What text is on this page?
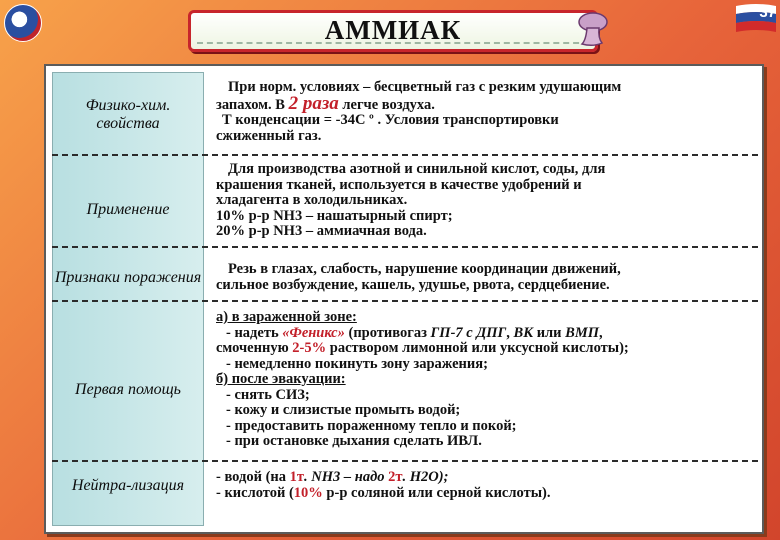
АММИАК
37
Физико-хим. свойства
Применение
Признаки поражения
Первая помощь
Нейтра-лизация

При норм. условиях – бесцветный газ с резким удушающим

запахом. В 2 раза легче воздуха.

Т конденсации = -34С º . Условия транспортировки

сжиженный газ.

Для производства азотной и синильной кислот, соды, для

крашения тканей, используется в качестве удобрений и

хладагента в холодильниках.

10% р-р NH3 – нашатырный спирт;

20% р-р NH3 – аммиачная вода.

Резь в глазах, слабость, нарушение координации движений,

сильное возбуждение, кашель, удушье, рвота, сердцебиение.

а) в зараженной зоне:

- надеть «Феникс» (противогаз ГП-7 с ДПГ, ВК или ВМП,

смоченную 2-5% раствором лимонной или уксусной кислоты);

- немедленно покинуть зону заражения;

б) после эвакуации:

- снять СИЗ;

- кожу и слизистые промыть водой;

- предоставить пораженному тепло и покой;

- при остановке дыхания сделать ИВЛ.

- водой (на 1т. NH3 – надо 2т. H2O);

- кислотой (10% р-р соляной или серной кислоты).
